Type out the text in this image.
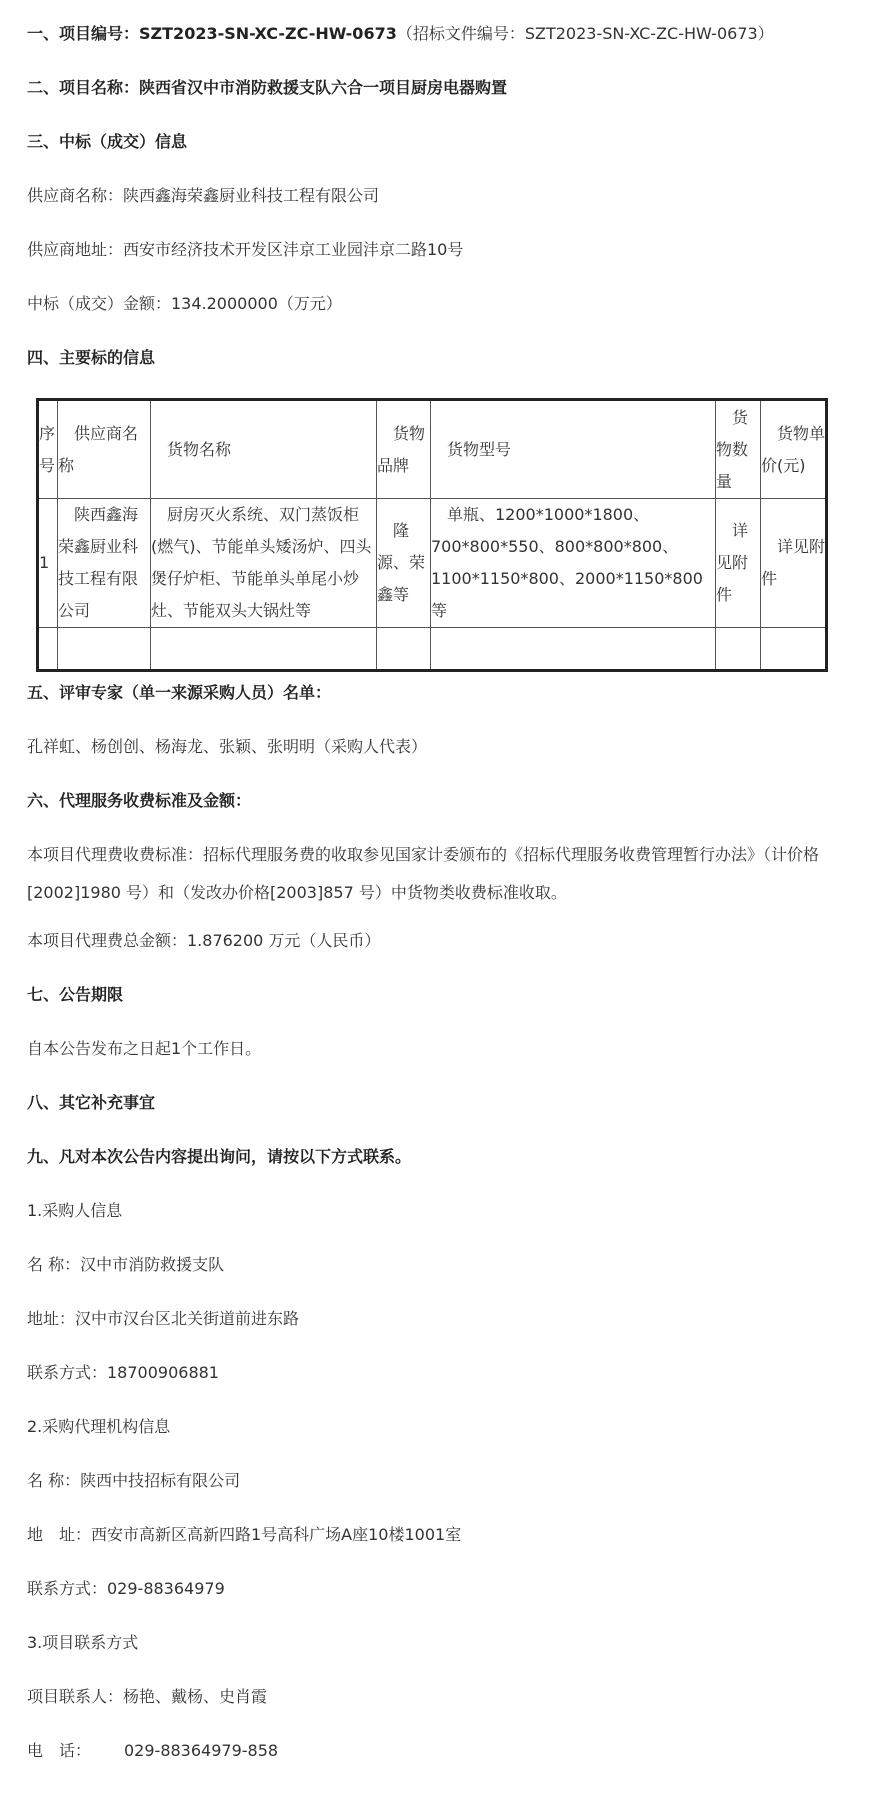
一、项目编号：SZT2023-SN-XC-ZC-HW-0673（招标文件编号：SZT2023-SN-XC-ZC-HW-0673）
二、项目名称：陕西省汉中市消防救援支队六合一项目厨房电器购置
三、中标（成交）信息
供应商名称：陕西鑫海荣鑫厨业科技工程有限公司
供应商地址：西安市经济技术开发区沣京工业园沣京二路10号
中标（成交）金额：134.2000000（万元）
四、主要标的信息
序号	供应商名称	货物名称	货物品牌	货物型号	货物数量	货物单价(元)
1	陕西鑫海荣鑫厨业科技工程有限公司	厨房灭火系统、双门蒸饭柜(燃气)、节能单头矮汤炉、四头煲仔炉柜、节能单头单尾小炒灶、节能双头大锅灶等	隆源、荣鑫等	单瓶、1200*1000*1800、700*800*550、800*800*800、1100*1150*800、2000*1150*800等	详见附件	详见附件

五、评审专家（单一来源采购人员）名单：
孔祥虹、杨创创、杨海龙、张颖、张明明（采购人代表）
六、代理服务收费标准及金额：
本项目代理费收费标准：招标代理服务费的收取参见国家计委颁布的《招标代理服务收费管理暂行办法》（计价格[2002]1980 号）和（发改办价格[2003]857 号）中货物类收费标准收取。
本项目代理费总金额：1.876200 万元（人民币）
七、公告期限
自本公告发布之日起1个工作日。
八、其它补充事宜
九、凡对本次公告内容提出询问，请按以下方式联系。
1.采购人信息
名 称：汉中市消防救援支队
地址：汉中市汉台区北关街道前进东路
联系方式：18700906881
2.采购代理机构信息
名 称：陕西中技招标有限公司
地　址：西安市高新区高新四路1号高科广场A座10楼1001室
联系方式：029-88364979
3.项目联系方式
项目联系人：杨艳、戴杨、史肖霞
电　话： 029-88364979-858
